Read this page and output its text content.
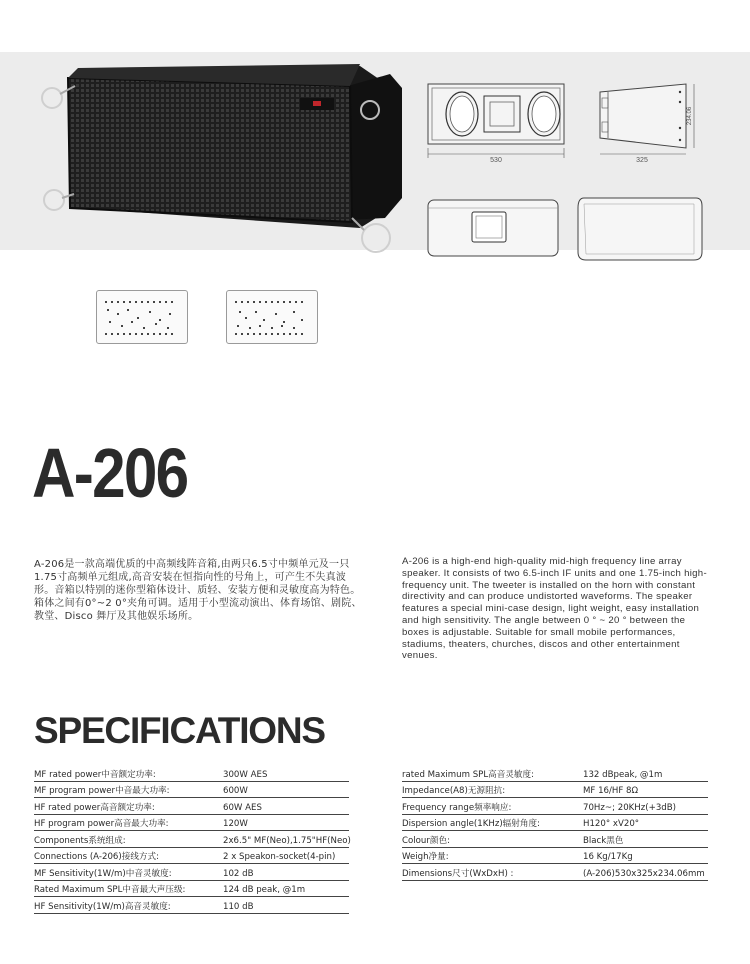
530	325
234.06
A-206
A-206是一款高端优质的中高频线阵音箱,由两只6.5寸中频单元及一只1.75寸高频单元组成,高音安装在恒指向性的号角上，可产生不失真波形。音箱以特别的迷你型箱体设计、质轻、安装方便和灵敏度高为特色。箱体之间有0°~2 0°夹角可调。适用于小型流动演出、体育场馆、剧院、教堂、Disco 舞厅及其他娱乐场所。
A-206 is a high-end high-quality mid-high frequency line array speaker. It consists of two 6.5-inch IF units and one 1.75-inch high-frequency unit. The tweeter is installed on the horn with constant directivity and can produce undistorted waveforms. The speaker features a special mini-case design, light weight, easy installation and high sensitivity. The angle between 0 ° ~ 20 ° between the boxes is adjustable. Suitable for small mobile performances, stadiums, theaters, churches, discos and other entertainment venues.
SPECIFICATIONS
MF rated power中音额定功率:	300W AES
MF program power中音最大功率:	600W
HF rated power高音额定功率:	60W AES
HF program power高音最大功率:	120W
Components系统组成:	2x6.5" MF(Neo),1.75"HF(Neo)
Connections (A-206)接线方式:	2 x Speakon-socket(4-pin)
MF Sensitivity(1W/m)中音灵敏度:	102 dB
Rated Maximum SPL中音最大声压级:	124 dB peak, @1m
HF Sensitivity(1W/m)高音灵敏度:	110 dB
rated Maximum SPL高音灵敏度:	132 dBpeak, @1m
Impedance(A8)无源阻抗:	MF 16/HF 8Ω
Frequency range频率响应:	70Hz~; 20KHz(+3dB)
Dispersion angle(1KHz)辐射角度:	H120° xV20°
Colour颜色:	Black黑色
Weigh净量:	16 Kg/17Kg
Dimensions尺寸(WxDxH) :	(A-206)530x325x234.06mm
